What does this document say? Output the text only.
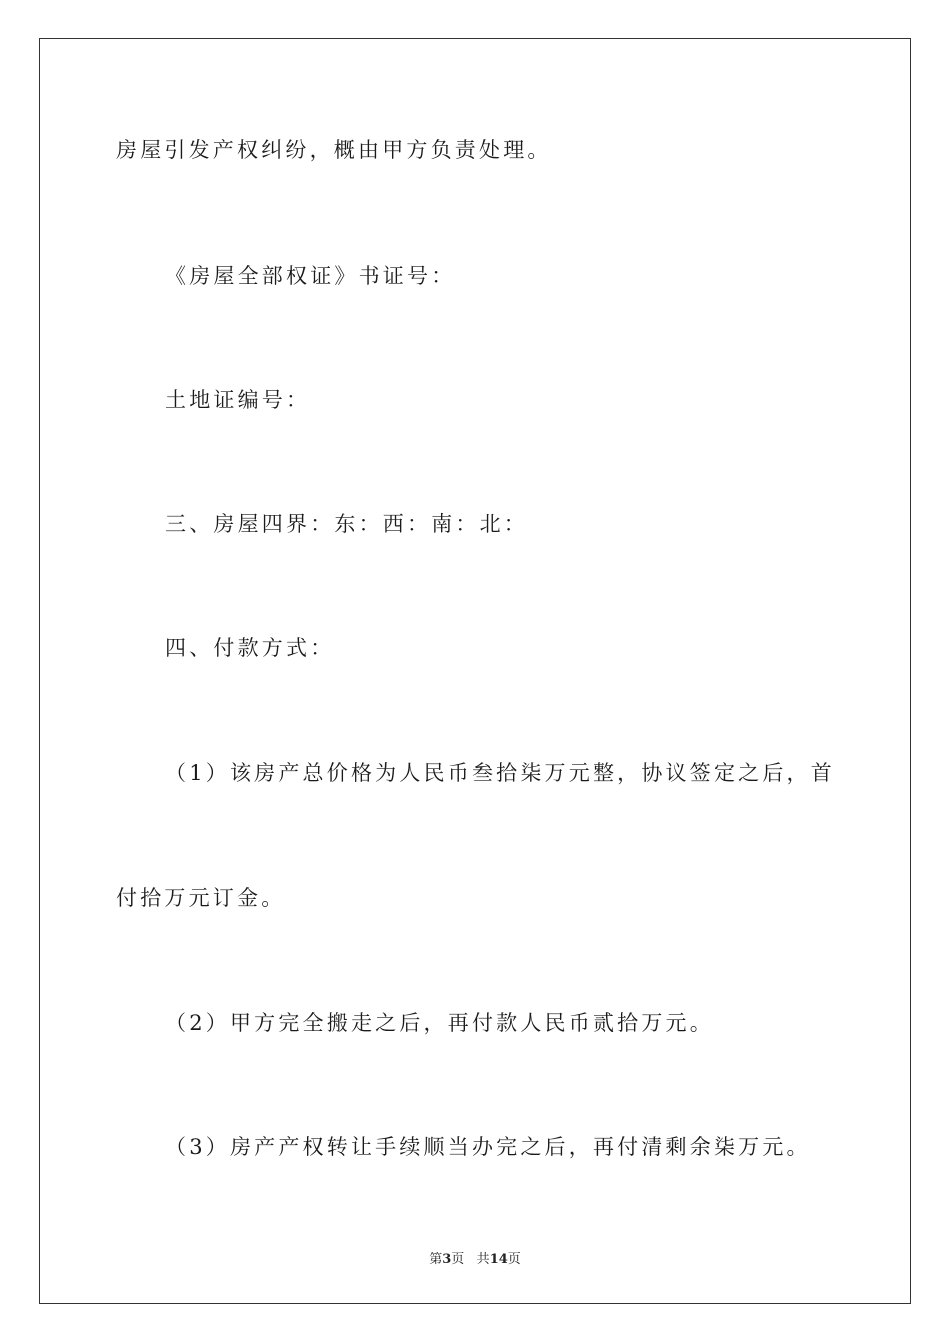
房屋引发产权纠纷，概由甲方负责处理。
《房屋全部权证》书证号：
土地证编号：
三、房屋四界：东：西：南：北：
四、付款方式：
（1）该房产总价格为人民币叁拾柒万元整，协议签定之后，首
付拾万元订金。
（2）甲方完全搬走之后，再付款人民币贰拾万元。
（3）房产产权转让手续顺当办完之后，再付清剩余柒万元。
第3页 共14页
